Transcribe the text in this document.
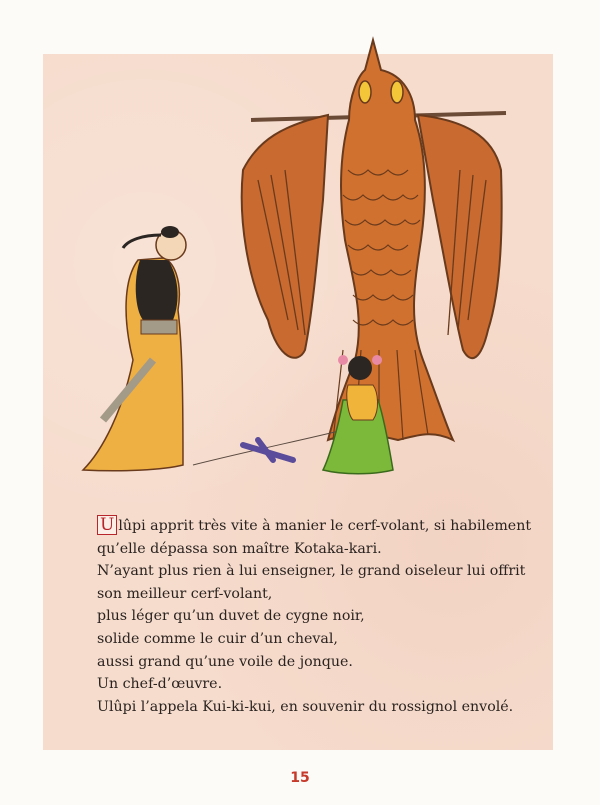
U lûpi apprit très vite à manier le cerf-volant, si habilement

qu’elle dépassa son maître Kotaka-kari.

N’ayant plus rien à lui enseigner, le grand oiseleur lui offrit

son meilleur cerf-volant,

plus léger qu’un duvet de cygne noir,

solide comme le cuir d’un cheval,

aussi grand qu’une voile de jonque.

Un chef-d’œuvre.

Ulûpi l’appela Kui-ki-kui, en souvenir du rossignol envolé.

15
